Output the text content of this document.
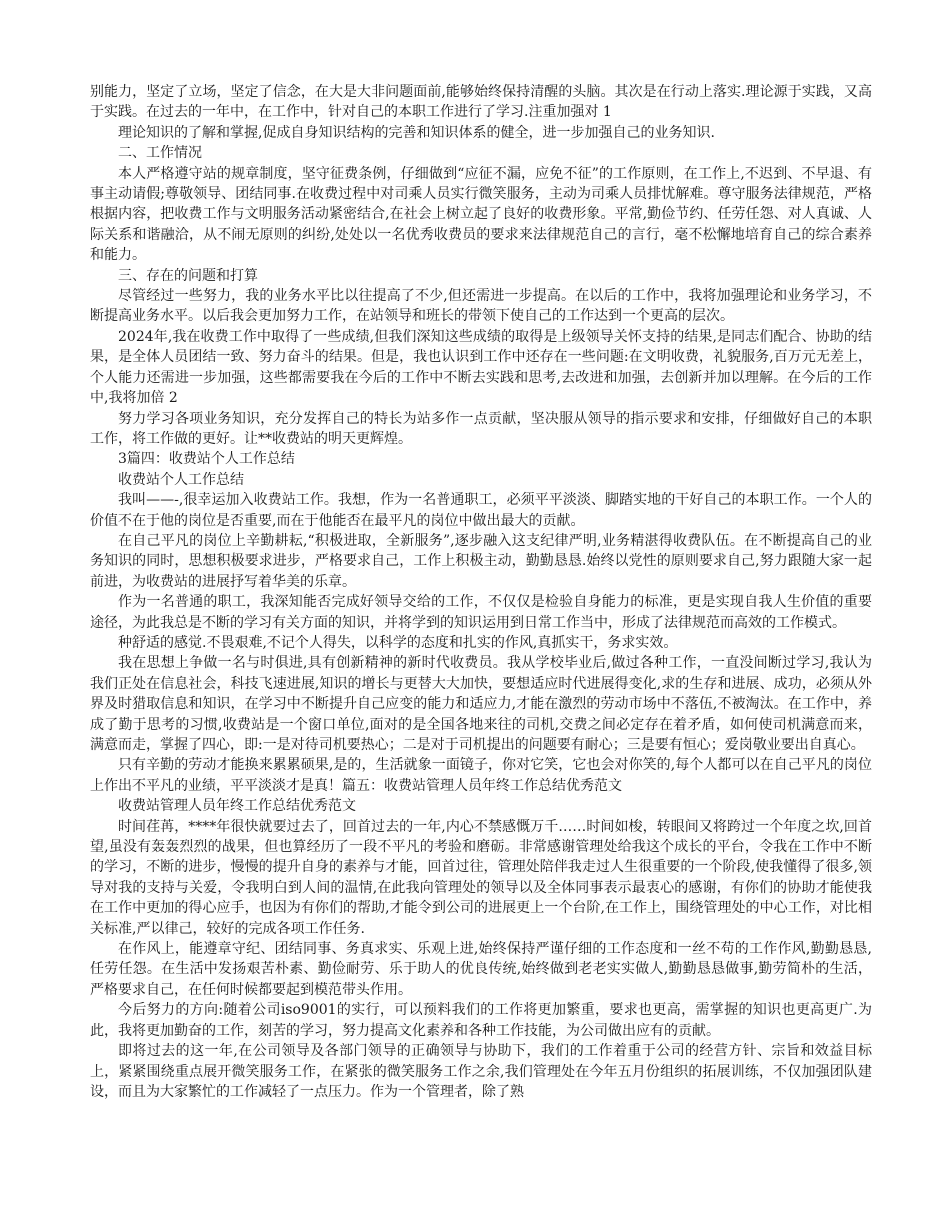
别能力，坚定了立场，坚定了信念，在大是大非问题面前,能够始终保持清醒的头脑。其次是在行动上落实.理论源于实践，又高于实践。在过去的一年中，在工作中，针对自己的本职工作进行了学习.注重加强对 1

理论知识的了解和掌握,促成自身知识结构的完善和知识体系的健全，进一步加强自己的业务知识.

二、工作情况

本人严格遵守站的规章制度，坚守征费条例，仔细做到“应征不漏，应免不征”的工作原则，在工作上,不迟到、不早退、有事主动请假;尊敬领导、团结同事.在收费过程中对司乘人员实行微笑服务，主动为司乘人员排忧解难。尊守服务法律规范，严格根据内容，把收费工作与文明服务活动紧密结合,在社会上树立起了良好的收费形象。平常,勤俭节约、任劳任怨、对人真诚、人际关系和谐融洽，从不闹无原则的纠纷,处处以一名优秀收费员的要求来法律规范自己的言行，毫不松懈地培育自己的综合素养和能力。

三、存在的问题和打算

尽管经过一些努力，我的业务水平比以往提高了不少,但还需进一步提高。在以后的工作中，我将加强理论和业务学习，不断提高业务水平。以后我会更加努力工作，在站领导和班长的带领下使自己的工作达到一个更高的层次。

2024年,我在收费工作中取得了一些成绩,但我们深知这些成绩的取得是上级领导关怀支持的结果,是同志们配合、协助的结果，是全体人员团结一致、努力奋斗的结果。但是，我也认识到工作中还存在一些问题:在文明收费，礼貌服务,百万元无差上，个人能力还需进一步加强，这些都需要我在今后的工作中不断去实践和思考,去改进和加强，去创新并加以理解。在今后的工作中,我将加倍 2

努力学习各项业务知识，充分发挥自己的特长为站多作一点贡献，坚决服从领导的指示要求和安排，仔细做好自己的本职工作，将工作做的更好。让**收费站的明天更辉煌。

3篇四：收费站个人工作总结

收费站个人工作总结

我叫——-,很幸运加入收费站工作。我想，作为一名普通职工，必须平平淡淡、脚踏实地的干好自己的本职工作。一个人的价值不在于他的岗位是否重要,而在于他能否在最平凡的岗位中做出最大的贡献。

在自己平凡的岗位上辛勤耕耘,“积极进取，全新服务”,逐步融入这支纪律严明,业务精湛得收费队伍。在不断提高自己的业务知识的同时，思想积极要求进步，严格要求自己，工作上积极主动，勤勤恳恳.始终以党性的原则要求自己,努力跟随大家一起前进，为收费站的进展抒写着华美的乐章。

作为一名普通的职工，我深知能否完成好领导交给的工作，不仅仅是检验自身能力的标准，更是实现自我人生价值的重要途径，为此我总是不断的学习有关方面的知识，并将学到的知识运用到日常工作当中，形成了法律规范而高效的工作模式。

种舒适的感觉.不畏艰难,不记个人得失，以科学的态度和扎实的作风,真抓实干，务求实效。

我在思想上争做一名与时俱进,具有创新精神的新时代收费员。我从学校毕业后,做过各种工作，一直没间断过学习,我认为我们正处在信息社会，科技飞速进展,知识的增长与更替大大加快，要想适应时代进展得变化,求的生存和进展、成功，必须从外界及时猎取信息和知识，在学习中不断提升自己应变的能力和适应力,才能在激烈的劳动市场中不落伍,不被淘汰。在工作中，养成了勤于思考的习惯,收费站是一个窗口单位,面对的是全国各地来往的司机,交费之间必定存在着矛盾，如何使司机满意而来，满意而走，掌握了四心，即:一是对待司机要热心；二是对于司机提出的问题要有耐心；三是要有恒心；爱岗敬业要出自真心。

只有辛勤的劳动才能换来累累硕果,是的，生活就象一面镜子，你对它笑，它也会对你笑的,每个人都可以在自己平凡的岗位上作出不平凡的业绩，平平淡淡才是真！篇五：收费站管理人员年终工作总结优秀范文

收费站管理人员年终工作总结优秀范文

时间荏苒，****年很快就要过去了，回首过去的一年,内心不禁感慨万千……时间如梭，转眼间又将跨过一个年度之坎,回首望,虽没有轰轰烈烈的战果，但也算经历了一段不平凡的考验和磨砺。非常感谢管理处给我这个成长的平台，令我在工作中不断的学习，不断的进步，慢慢的提升自身的素养与才能，回首过往，管理处陪伴我走过人生很重要的一个阶段,使我懂得了很多,领导对我的支持与关爱，令我明白到人间的温情,在此我向管理处的领导以及全体同事表示最衷心的感谢，有你们的协助才能使我在工作中更加的得心应手，也因为有你们的帮助,才能令到公司的进展更上一个台阶,在工作上，围绕管理处的中心工作，对比相关标准,严以律己，较好的完成各项工作任务.

在作风上，能遵章守纪、团结同事、务真求实、乐观上进,始终保持严谨仔细的工作态度和一丝不苟的工作作风,勤勤恳恳,任劳任怨。在生活中发扬艰苦朴素、勤俭耐劳、乐于助人的优良传统,始终做到老老实实做人,勤勤恳恳做事,勤劳简朴的生活，严格要求自己，在任何时候都要起到模范带头作用。

今后努力的方向:随着公司iso9001的实行，可以预料我们的工作将更加繁重，要求也更高，需掌握的知识也更高更广.为此，我将更加勤奋的工作，刻苦的学习，努力提高文化素养和各种工作技能，为公司做出应有的贡献。

即将过去的这一年,在公司领导及各部门领导的正确领导与协助下，我们的工作着重于公司的经营方针、宗旨和效益目标上，紧紧围绕重点展开微笑服务工作，在紧张的微笑服务工作之余,我们管理处在今年五月份组织的拓展训练，不仅加强团队建设，而且为大家繁忙的工作减轻了一点压力。作为一个管理者，除了熟
